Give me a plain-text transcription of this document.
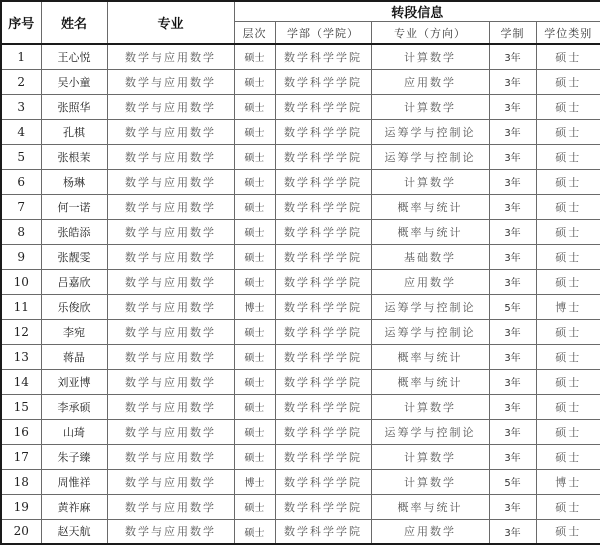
序号	姓名	专业	转段信息				
			层次	学部（学院）	专业（方向）	学制	学位类别
1	王心悦	数学与应用数学	硕士	数学科学学院	计算数学	3年	硕士
2	吴小童	数学与应用数学	硕士	数学科学学院	应用数学	3年	硕士
3	张照华	数学与应用数学	硕士	数学科学学院	计算数学	3年	硕士
4	孔棋	数学与应用数学	硕士	数学科学学院	运筹学与控制论	3年	硕士
5	张根茉	数学与应用数学	硕士	数学科学学院	运筹学与控制论	3年	硕士
6	杨琳	数学与应用数学	硕士	数学科学学院	计算数学	3年	硕士
7	何一诺	数学与应用数学	硕士	数学科学学院	概率与统计	3年	硕士
8	张皓添	数学与应用数学	硕士	数学科学学院	概率与统计	3年	硕士
9	张靓雯	数学与应用数学	硕士	数学科学学院	基础数学	3年	硕士
10	吕嘉欣	数学与应用数学	硕士	数学科学学院	应用数学	3年	硕士
11	乐俊欣	数学与应用数学	博士	数学科学学院	运筹学与控制论	5年	博士
12	李宛	数学与应用数学	硕士	数学科学学院	运筹学与控制论	3年	硕士
13	蒋晶	数学与应用数学	硕士	数学科学学院	概率与统计	3年	硕士
14	刘亚博	数学与应用数学	硕士	数学科学学院	概率与统计	3年	硕士
15	李承硕	数学与应用数学	硕士	数学科学学院	计算数学	3年	硕士
16	山琦	数学与应用数学	硕士	数学科学学院	运筹学与控制论	3年	硕士
17	朱子臻	数学与应用数学	硕士	数学科学学院	计算数学	3年	硕士
18	周惟祥	数学与应用数学	博士	数学科学学院	计算数学	5年	博士
19	黄祚麻	数学与应用数学	硕士	数学科学学院	概率与统计	3年	硕士
20	赵天航	数学与应用数学	硕士	数学科学学院	应用数学	3年	硕士
